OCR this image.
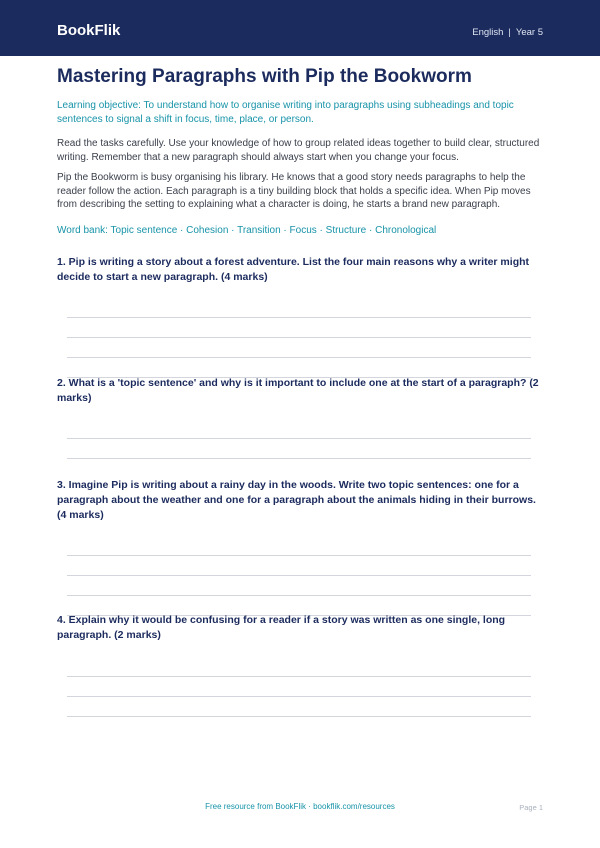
BookFlik	English | Year 5
Mastering Paragraphs with Pip the Bookworm
Learning objective: To understand how to organise writing into paragraphs using subheadings and topic sentences to signal a shift in focus, time, place, or person.
Read the tasks carefully. Use your knowledge of how to group related ideas together to build clear, structured writing. Remember that a new paragraph should always start when you change your focus.
Pip the Bookworm is busy organising his library. He knows that a good story needs paragraphs to help the reader follow the action. Each paragraph is a tiny building block that holds a specific idea. When Pip moves from describing the setting to explaining what a character is doing, he starts a brand new paragraph.
Word bank: Topic sentence · Cohesion · Transition · Focus · Structure · Chronological
1. Pip is writing a story about a forest adventure. List the four main reasons why a writer might decide to start a new paragraph. (4 marks)
2. What is a 'topic sentence' and why is it important to include one at the start of a paragraph? (2 marks)
3. Imagine Pip is writing about a rainy day in the woods. Write two topic sentences: one for a paragraph about the weather and one for a paragraph about the animals hiding in their burrows. (4 marks)
4. Explain why it would be confusing for a reader if a story was written as one single, long paragraph. (2 marks)
Free resource from BookFlik · bookflik.com/resources	Page 1
